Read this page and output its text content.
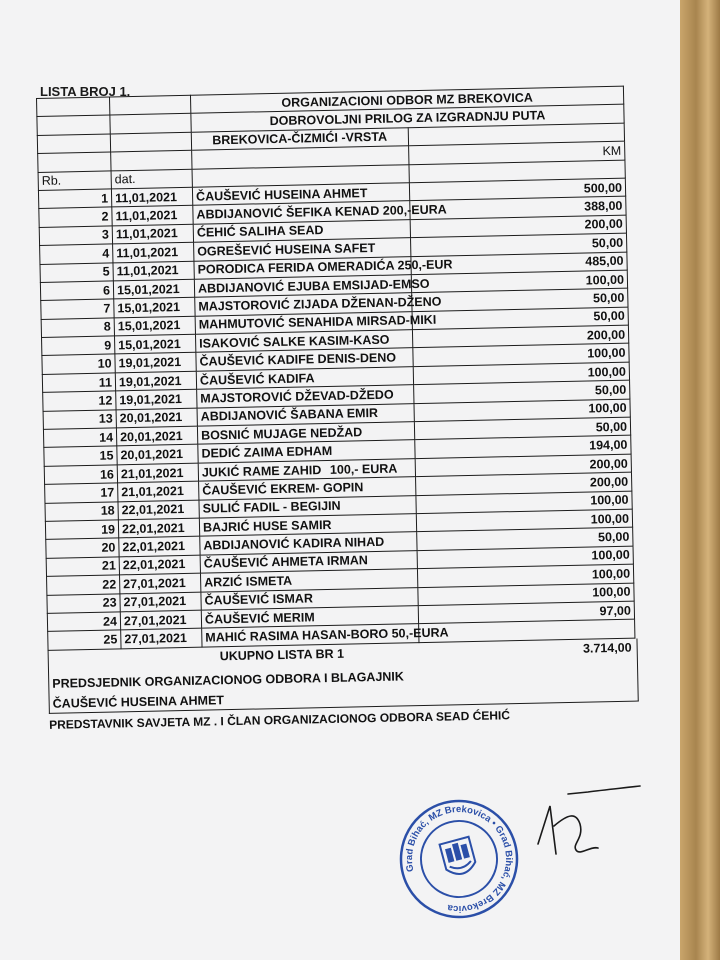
LISTA BROJ 1.
			ORGANIZACIONI ODBOR MZ BREKOVICA	
		DOBROVOLJNI PRILOG ZA IZGRADNJU PUTA	
		BREKOVICA-ČIZMIĆI -VRSTA	
			KM
Rb.	dat.		
1	11,01,2021	ČAUŠEVIĆ HUSEINA AHMET	500,00
2	11,01,2021	ABDIJANOVIĆ ŠEFIKA KENAD 200,-EURA	388,00
3	11,01,2021	ĆEHIĆ SALIHA SEAD	200,00
4	11,01,2021	OGREŠEVIĆ HUSEINA SAFET	50,00
5	11,01,2021	PORODICA FERIDA OMERADIĆA 250,-EUR	485,00
6	15,01,2021	ABDIJANOVIĆ EJUBA EMSIJAD-EMSO	100,00
7	15,01,2021	MAJSTOROVIĆ ZIJADA DŽENAN-DŽENO	50,00
8	15,01,2021	MAHMUTOVIĆ SENAHIDA MIRSAD-MIKI	50,00
9	15,01,2021	ISAKOVIĆ SALKE KASIM-KASO	200,00
10	19,01,2021	ČAUŠEVIĆ KADIFE DENIS-DENO	100,00
11	19,01,2021	ČAUŠEVIĆ KADIFA	100,00
12	19,01,2021	MAJSTOROVIĆ DŽEVAD-DŽEDO	50,00
13	20,01,2021	ABDIJANOVIĆ ŠABANA EMIR	100,00
14	20,01,2021	BOSNIĆ MUJAGE NEDŽAD	50,00
15	20,01,2021	DEDIĆ ZAIMA EDHAM	194,00
16	21,01,2021	JUKIĆ RAME ZAHID 100,- EURA	200,00
17	21,01,2021	ČAUŠEVIĆ EKREM- GOPIN	200,00
18	22,01,2021	SULIĆ FADIL - BEGIJIN	100,00
19	22,01,2021	BAJRIĆ HUSE SAMIR	100,00
20	22,01,2021	ABDIJANOVIĆ KADIRA NIHAD	50,00
21	22,01,2021	ČAUŠEVIĆ AHMETA IRMAN	100,00
22	27,01,2021	ARZIĆ ISMETA	100,00
23	27,01,2021	ČAUŠEVIĆ ISMAR	100,00
24	27,01,2021	ČAUŠEVIĆ MERIM	97,00
25	27,01,2021	MAHIĆ RASIMA HASAN-BORO 50,-EURA	
UKUPNO LISTA BR 1	3.714,00
PREDSJEDNIK ORGANIZACIONOG ODBORA I BLAGAJNIK
ČAUŠEVIĆ HUSEINA AHMET
PREDSTAVNIK SAVJETA MZ . I ČLAN ORGANIZACIONOG ODBORA SEAD ĆEHIĆ
Grad Bihać, MZ Brekovica • Grad Bihać, MZ Brekovica
